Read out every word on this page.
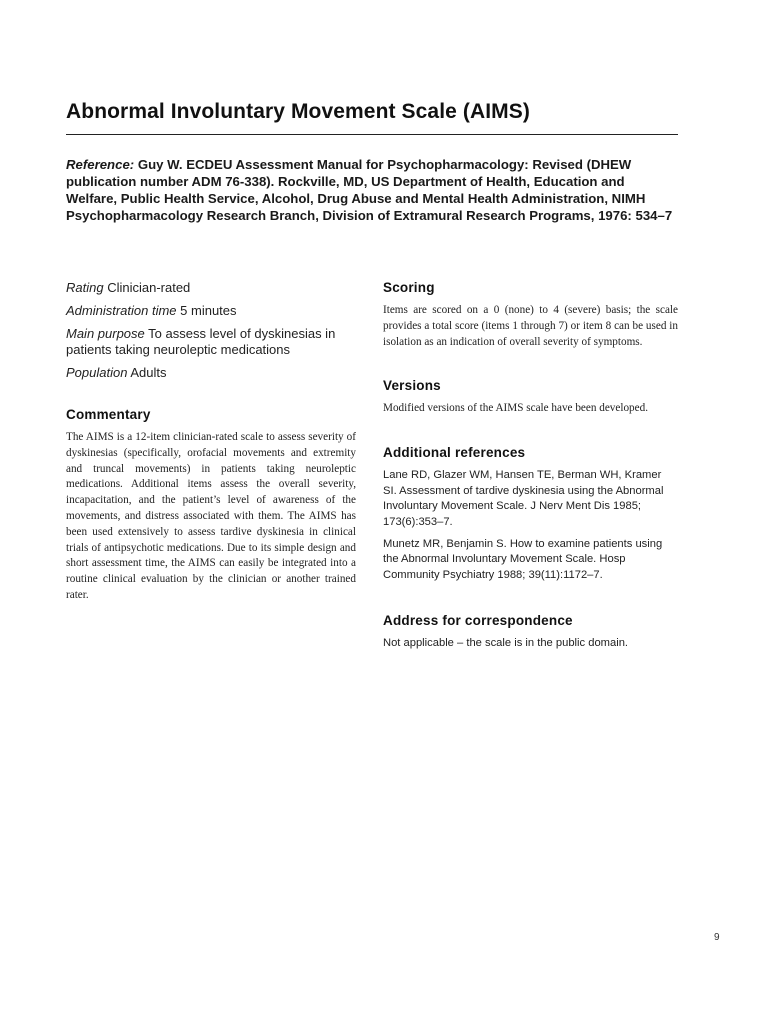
Abnormal Involuntary Movement Scale (AIMS)

Reference: Guy W. ECDEU Assessment Manual for Psychopharmacology: Revised (DHEW publication number ADM 76-338). Rockville, MD, US Department of Health, Education and Welfare, Public Health Service, Alcohol, Drug Abuse and Mental Health Administration, NIMH Psychopharmacology Research Branch, Division of Extramural Research Programs, 1976: 534–7

Rating Clinician-rated

Administration time 5 minutes

Main purpose To assess level of dyskinesias in patients taking neuroleptic medications

Population Adults

Commentary

The AIMS is a 12-item clinician-rated scale to assess severity of dyskinesias (specifically, orofacial movements and extremity and truncal movements) in patients taking neuroleptic medications. Additional items assess the overall severity, incapacitation, and the patient’s level of awareness of the movements, and distress associated with them. The AIMS has been used extensively to assess tardive dyskinesia in clinical trials of antipsychotic medications. Due to its simple design and short assessment time, the AIMS can easily be integrated into a routine clinical evaluation by the clinician or another trained rater.

Scoring

Items are scored on a 0 (none) to 4 (severe) basis; the scale provides a total score (items 1 through 7) or item 8 can be used in isolation as an indication of overall severity of symptoms.

Versions

Modified versions of the AIMS scale have been developed.

Additional references

Lane RD, Glazer WM, Hansen TE, Berman WH, Kramer SI. Assessment of tardive dyskinesia using the Abnormal Involuntary Movement Scale. J Nerv Ment Dis 1985; 173(6):353–7.

Munetz MR, Benjamin S. How to examine patients using the Abnormal Involuntary Movement Scale. Hosp Community Psychiatry 1988; 39(11):1172–7.

Address for correspondence

Not applicable – the scale is in the public domain.

9
